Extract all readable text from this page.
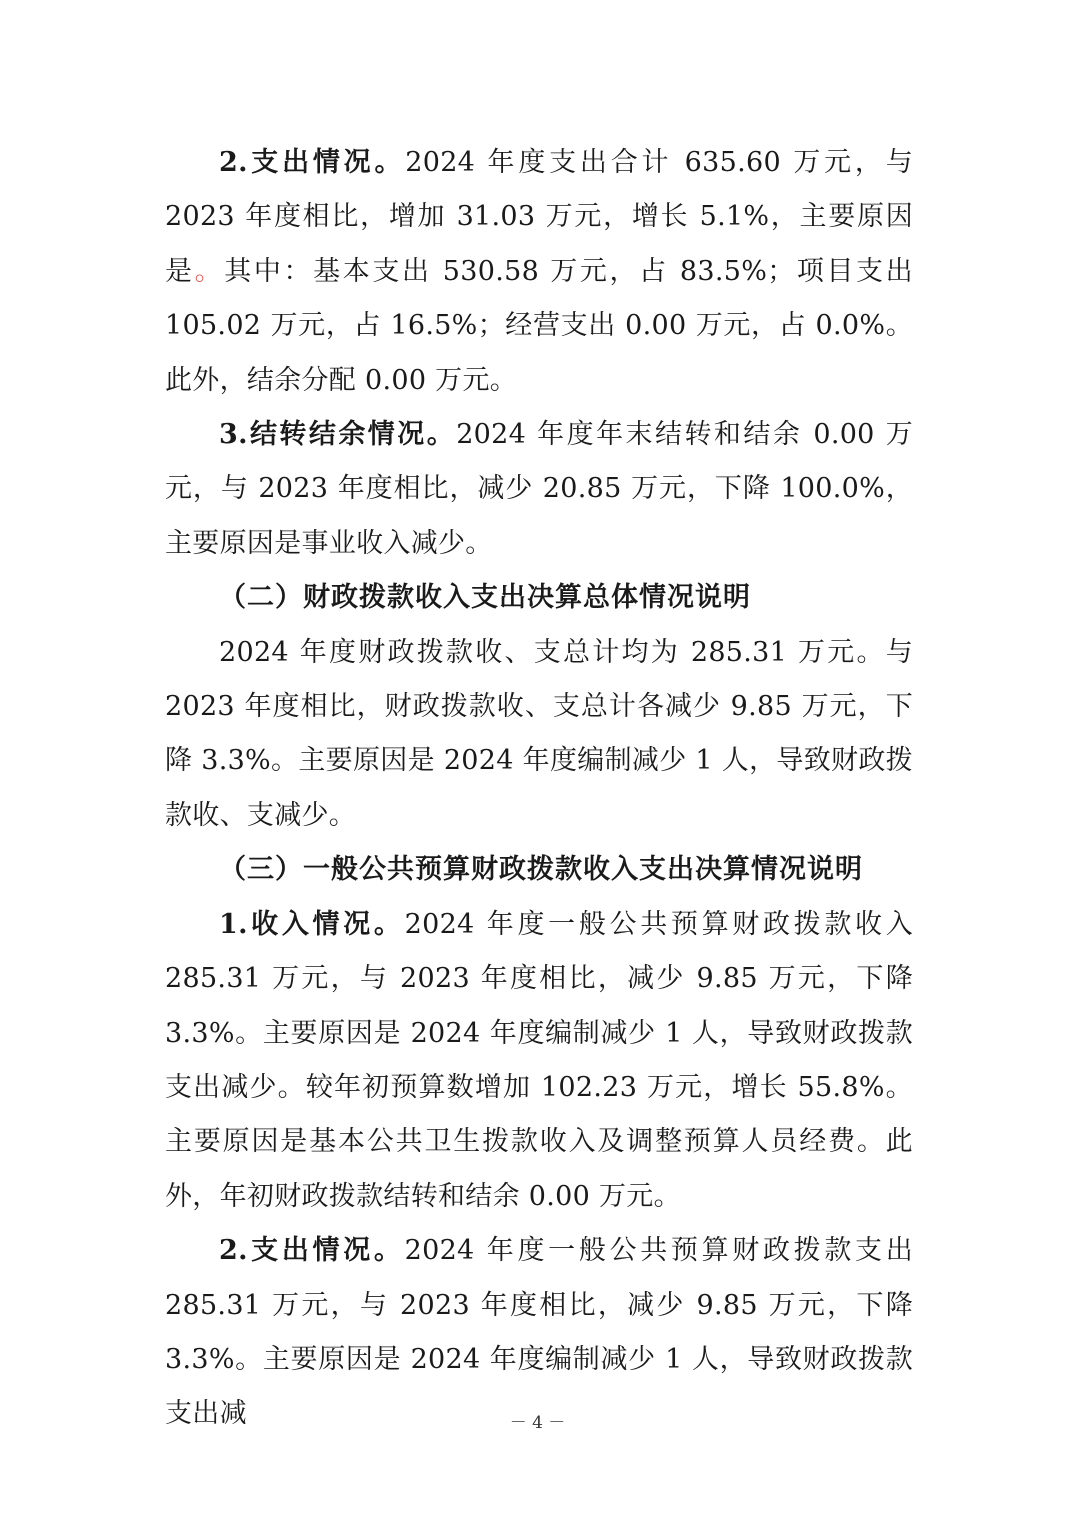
2.支出情况。2024 年度支出合计 635.60 万元，与 2023 年度相比，增加 31.03 万元，增长 5.1%，主要原因是。其中：基本支出 530.58 万元，占 83.5%；项目支出 105.02 万元，占 16.5%；经营支出 0.00 万元，占 0.0%。此外，结余分配 0.00 万元。

3.结转结余情况。2024 年度年末结转和结余 0.00 万元，与 2023 年度相比，减少 20.85 万元，下降 100.0%，主要原因是事业收入减少。

（二）财政拨款收入支出决算总体情况说明

2024 年度财政拨款收、支总计均为 285.31 万元。与 2023 年度相比，财政拨款收、支总计各减少 9.85 万元，下降 3.3%。主要原因是 2024 年度编制减少 1 人，导致财政拨款收、支减少。

（三）一般公共预算财政拨款收入支出决算情况说明

1.收入情况。2024 年度一般公共预算财政拨款收入 285.31 万元，与 2023 年度相比，减少 9.85 万元，下降 3.3%。主要原因是 2024 年度编制减少 1 人，导致财政拨款支出减少。较年初预算数增加 102.23 万元，增长 55.8%。主要原因是基本公共卫生拨款收入及调整预算人员经费。此外，年初财政拨款结转和结余 0.00 万元。

2.支出情况。2024 年度一般公共预算财政拨款支出 285.31 万元，与 2023 年度相比，减少 9.85 万元，下降 3.3%。主要原因是 2024 年度编制减少 1 人，导致财政拨款支出减	－ 4 －
